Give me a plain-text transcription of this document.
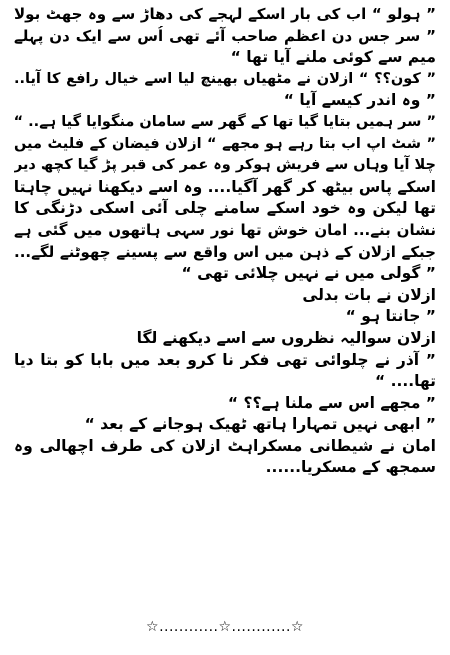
” ہولو “ اب کی بار اسکے لہجے کی دھاڑ سے وہ جھٹ بولا
” سر جس دن اعظم صاحب آئے تھی اُس سے ایک دن پہلے
میم سے کوئی ملنے آیا تھا “
” کون؟؟ “ ازلان نے مٹھیاں بھینچ لیا اسے خیال رافع کا آیا..
” وہ اندر کیسے آیا “
” سر ہمیں بتایا گیا تھا کے گھر سے سامان منگوایا گیا ہے.. “
” شٹ اپ اب بتا رہے ہو مجھے “ ازلان فیضان کے فلیٹ میں
چلا آیا وہاں سے فریش ہوکر وہ عمر کی قبر پڑ گیا کچھ دیر
اسکے پاس بیٹھ کر گھر آگیا.... وہ اسے دیکھنا نہیں چاہتا
تھا لیکن وہ خود اسکے سامنے چلی آئی اسکی دڑنگی کا
نشان بنے... امان خوش تھا نور سہی ہاتھوں میں گئی ہے
جبکے ازلان کے ذہن میں اس واقع سے پسینے چھوٹنے لگے...
” گولی میں نے نہیں چلائی تھی “
ازلان نے بات بدلی
” جانتا ہو “
ازلان سوالیہ نظروں سے اسے دیکھنے لگا
” آذر نے چلوائی تھی فکر نا کرو بعد میں بابا کو بتا دیا
تھا.... “
” مجھے اس سے ملنا ہے؟؟ “
” ابھی نہیں تمہارا ہاتھ ٹھیک ہوجانے کے بعد “
امان نے شیطانی مسکراہٹ ازلان کی طرف اچھالی وہ
سمجھ کے مسکریا......
☆............☆............☆
